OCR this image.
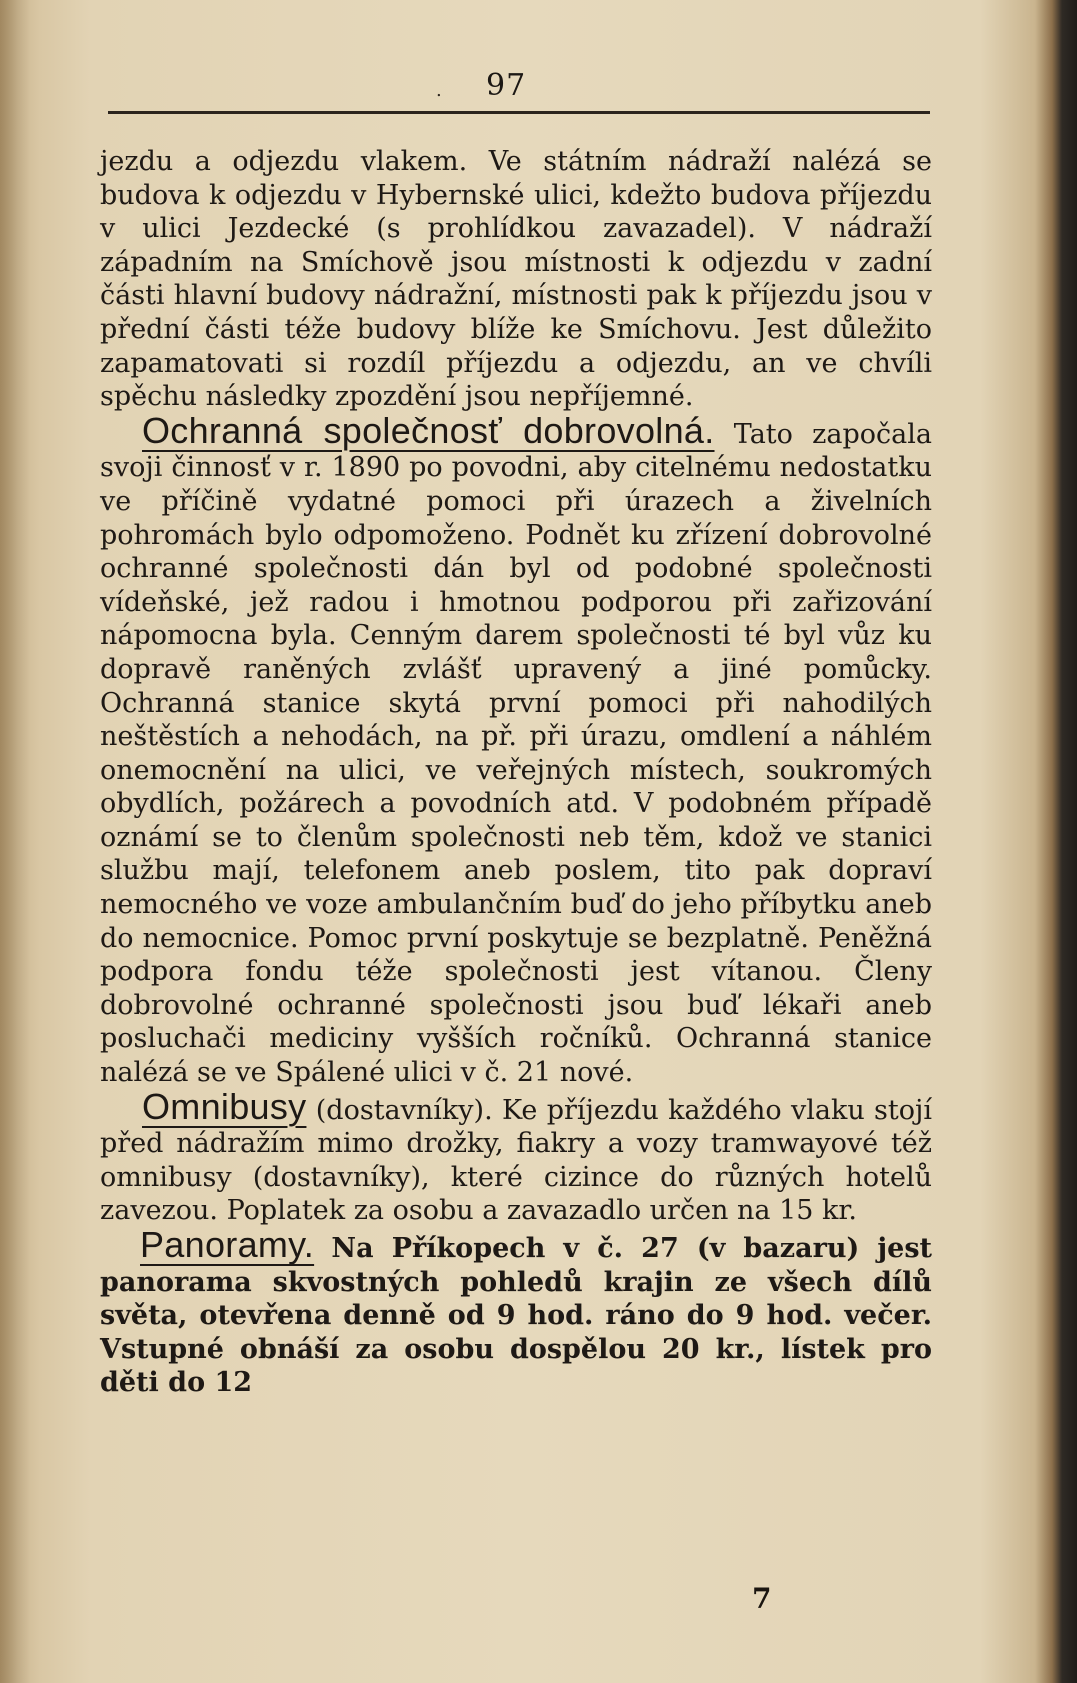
. 97

jezdu a odjezdu vlakem. Ve státním nádraží nalézá se budova k odjezdu v Hybernské ulici, kdežto budova příjezdu v ulici Jezdecké (s prohlídkou zavazadel). V nádraží západním na Smíchově jsou místnosti k odjezdu v zadní části hlavní budovy nádražní, místnosti pak k příjezdu jsou v přední části téže budovy blíže ke Smíchovu. Jest důležito zapamatovati si rozdíl příjezdu a odjezdu, an ve chvíli spěchu následky zpozdění jsou nepříjemné.

Ochranná společnosť dobrovolná. Tato započala svoji činnosť v r. 1890 po povodni, aby citelnému nedostatku ve příčině vydatné pomoci při úrazech a živelních pohromách bylo odpomoženo. Podnět ku zřízení dobrovolné ochranné společnosti dán byl od podobné společnosti vídeňské, jež radou i hmotnou podporou při zařizování nápomocna byla. Cenným darem společnosti té byl vůz ku dopravě raněných zvlášť upravený a jiné pomůcky. Ochranná stanice skytá první pomoci při nahodilých neštěstích a nehodách, na př. při úrazu, omdlení a náhlém onemocnění na ulici, ve veřejných místech, soukromých obydlích, požárech a povodních atd. V podobném případě oznámí se to členům společnosti neb těm, kdož ve stanici službu mají, telefonem aneb poslem, tito pak dopraví nemocného ve voze ambulančním buď do jeho příbytku aneb do nemocnice. Pomoc první poskytuje se bezplatně. Peněžná podpora fondu téže společnosti jest vítanou. Členy dobrovolné ochranné společnosti jsou buď lékaři aneb posluchači mediciny vyšších ročníků. Ochranná stanice nalézá se ve Spálené ulici v č. 21 nové.

Omnibusy (dostavníky). Ke příjezdu každého vlaku stojí před nádražím mimo drožky, fiakry a vozy tramwayové též omnibusy (dostavníky), které cizince do různých hotelů zavezou. Poplatek za osobu a zavazadlo určen na 15 kr.

Panoramy. Na Příkopech v č. 27 (v bazaru) jest panorama skvostných pohledů krajin ze všech dílů světa, otevřena denně od 9 hod. ráno do 9 hod. večer. Vstupné obnáší za osobu dospělou 20 kr., lístek pro děti do 12

7
